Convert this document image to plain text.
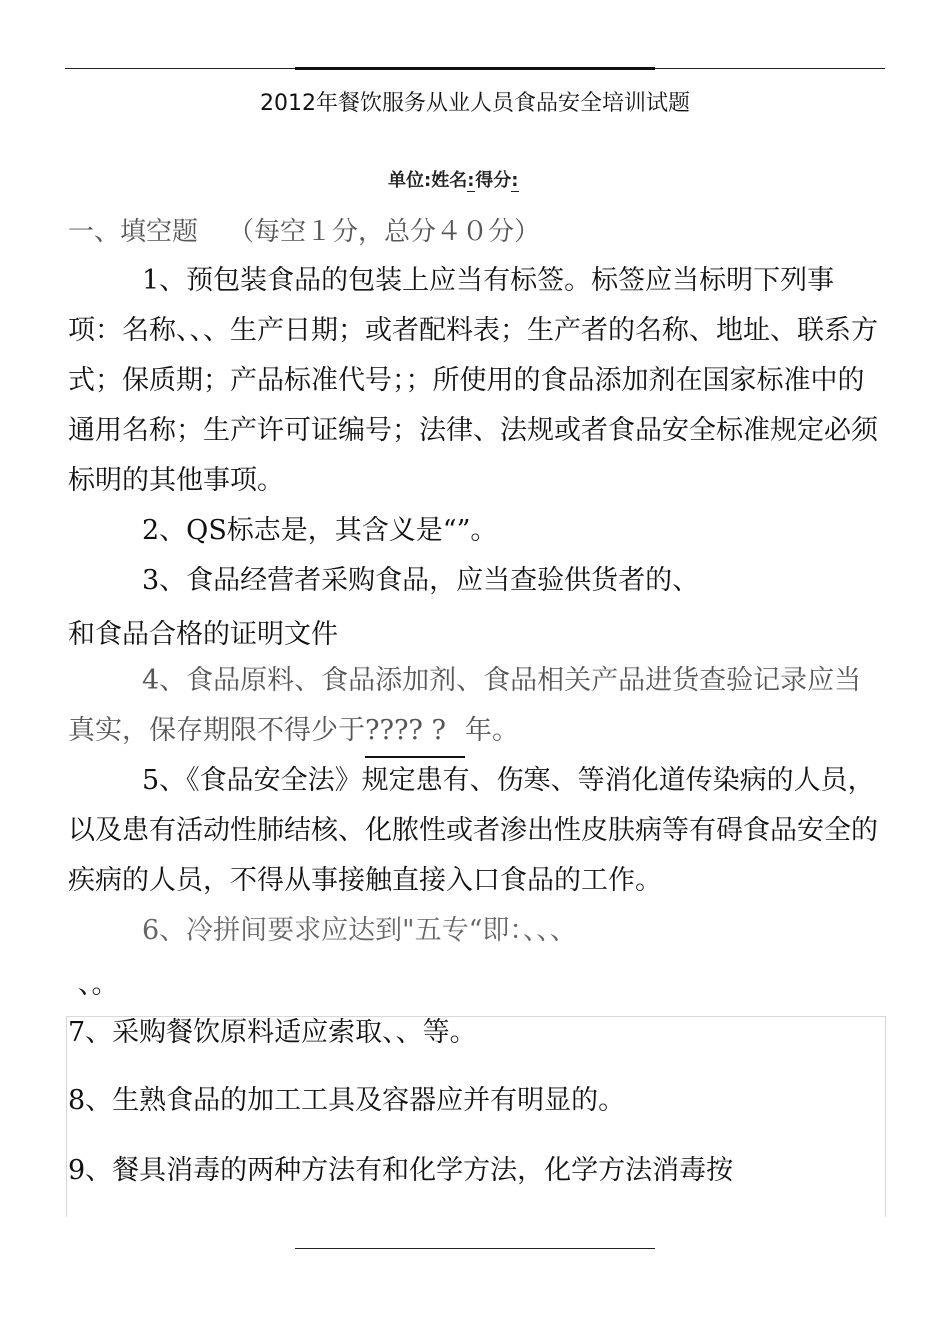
2012年餐饮服务从业人员食品安全培训试题
单位:姓名:得分:
一、填空题 （每空１分，总分４０分）

1、预包装食品的包装上应当有标签。标签应当标明下列事项：名称、、、生产日期；或者配料表；生产者的名称、地址、联系方式；保质期；产品标准代号；；所使用的食品添加剂在国家标准中的通用名称；生产许可证编号；法律、法规或者食品安全标准规定必须标明的其他事项。

2、QS标志是，其含义是“”。

3、食品经营者采购食品，应当查验供货者的、

和食品合格的证明文件

4、食品原料、食品添加剂、食品相关产品进货查验记录应当真实，保存期限不得少于???? ? 年。

5、《食品安全法》规定患有、伤寒、等消化道传染病的人员，以及患有活动性肺结核、化脓性或者渗出性皮肤病等有碍食品安全的疾病的人员，不得从事接触直接入口食品的工作。

6、冷拼间要求应达到"五专“即：、、、

、。
7、采购餐饮原料适应索取、、等。
8、生熟食品的加工工具及容器应并有明显的。
9、餐具消毒的两种方法有和化学方法，化学方法消毒按
